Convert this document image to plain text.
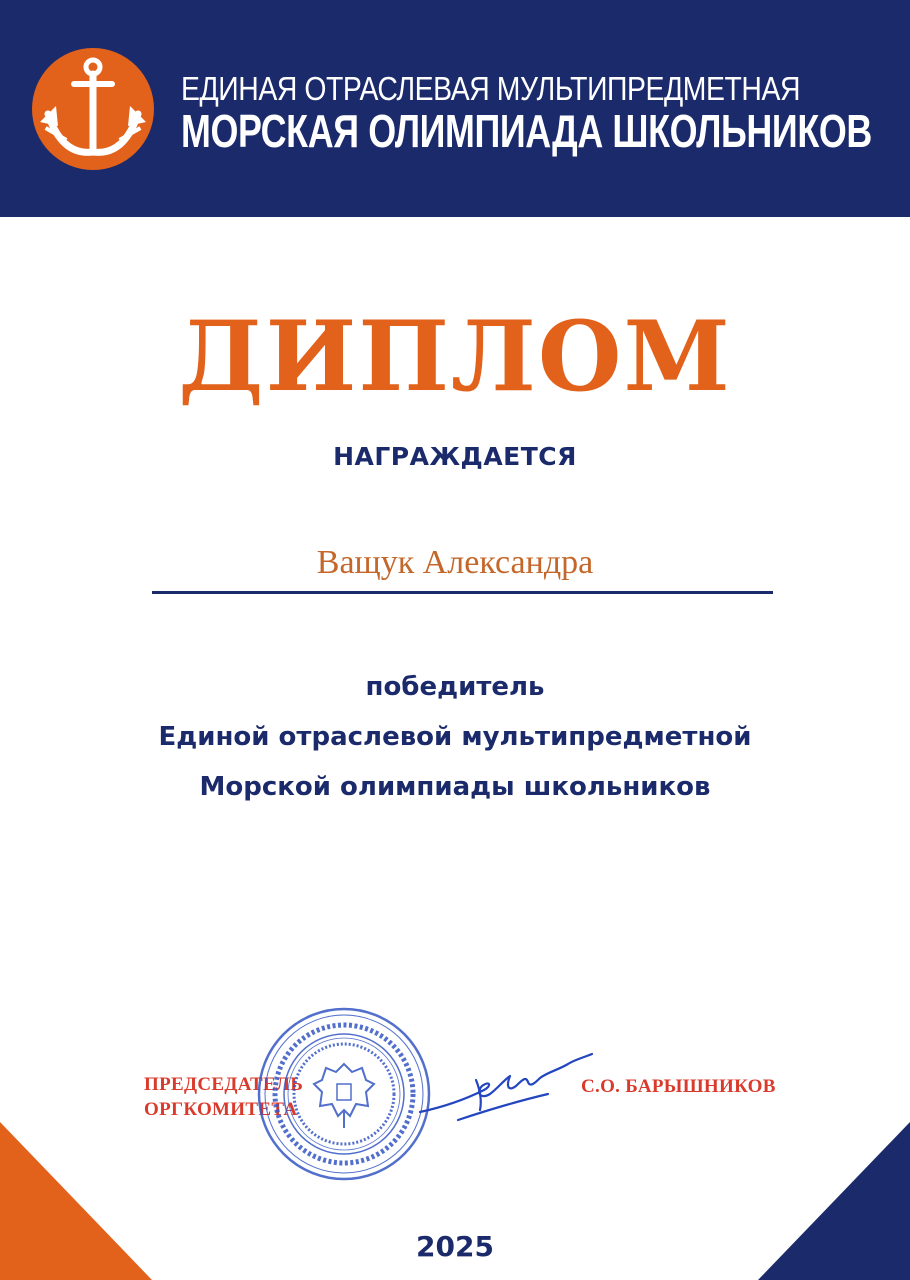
ЕДИНАЯ ОТРАСЛЕВАЯ МУЛЬТИПРЕДМЕТНАЯ
МОРСКАЯ ОЛИМПИАДА ШКОЛЬНИКОВ
ДИПЛОМ
НАГРАЖДАЕТСЯ
Ващук Александра
победитель
Единой отраслевой мультипредметной
Морской олимпиады школьников
ПРЕДСЕДАТЕЛЬ
ОРГКОМИТЕТА
С.О. БАРЫШНИКОВ
2025
